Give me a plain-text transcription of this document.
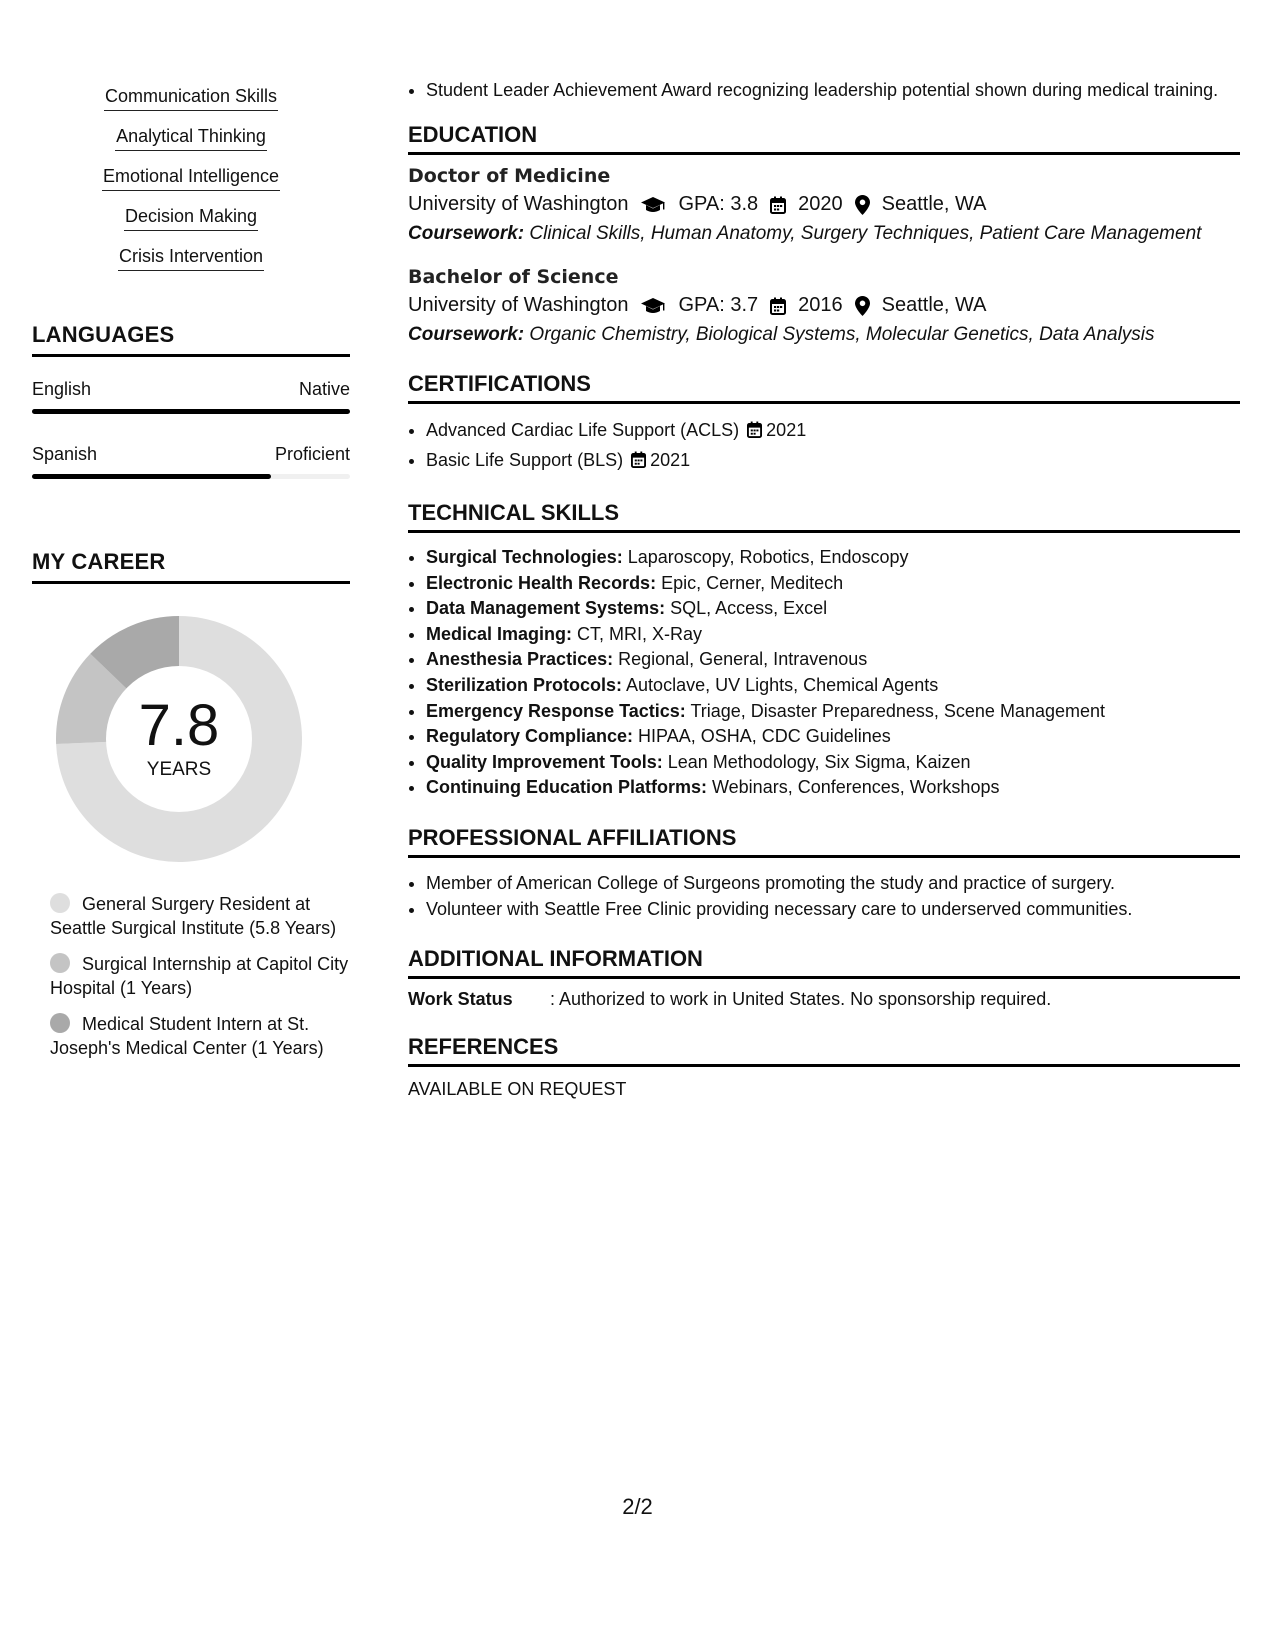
Communication Skills
Analytical Thinking
Emotional Intelligence
Decision Making
Crisis Intervention
LANGUAGES
English	Native
Spanish	Proficient
MY CAREER
7.8
YEARS
General Surgery Resident at Seattle Surgical Institute (5.8 Years)
Surgical Internship at Capitol City Hospital (1 Years)
Medical Student Intern at St. Joseph's Medical Center (1 Years)
• Student Leader Achievement Award recognizing leadership potential shown during medical training.
EDUCATION
Doctor of Medicine
University of Washington	GPA: 3.8 2020 Seattle, WA
Coursework: Clinical Skills, Human Anatomy, Surgery Techniques, Patient Care Management
Bachelor of Science
University of Washington	GPA: 3.7 2016 Seattle, WA
Coursework: Organic Chemistry, Biological Systems, Molecular Genetics, Data Analysis
CERTIFICATIONS
• Advanced Cardiac Life Support (ACLS) 2021
• Basic Life Support (BLS) 2021
TECHNICAL SKILLS
• Surgical Technologies: Laparoscopy, Robotics, Endoscopy
• Electronic Health Records: Epic, Cerner, Meditech
• Data Management Systems: SQL, Access, Excel
• Medical Imaging: CT, MRI, X-Ray
• Anesthesia Practices: Regional, General, Intravenous
• Sterilization Protocols: Autoclave, UV Lights, Chemical Agents
• Emergency Response Tactics: Triage, Disaster Preparedness, Scene Management
• Regulatory Compliance: HIPAA, OSHA, CDC Guidelines
• Quality Improvement Tools: Lean Methodology, Six Sigma, Kaizen
• Continuing Education Platforms: Webinars, Conferences, Workshops
PROFESSIONAL AFFILIATIONS
• Member of American College of Surgeons promoting the study and practice of surgery.
• Volunteer with Seattle Free Clinic providing necessary care to underserved communities.
ADDITIONAL INFORMATION
Work Status	: Authorized to work in United States. No sponsorship required.
REFERENCES
AVAILABLE ON REQUEST
2/2
